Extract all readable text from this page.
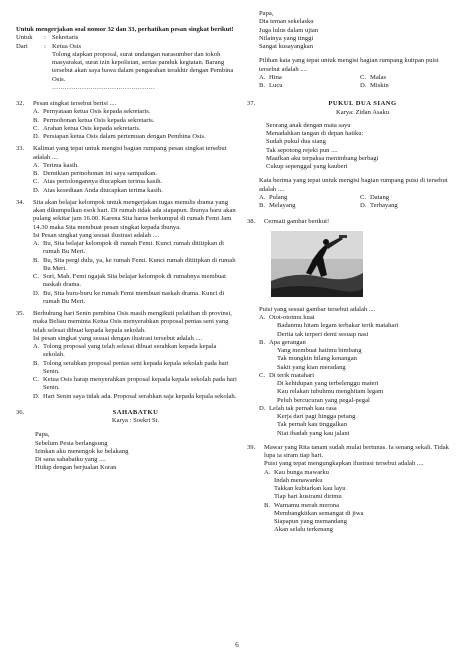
Untuk mengerjakan soal nomor 32 dan 33, perhatikan pesan singkat berikut!
Untuk	: Sekretaris
Dari	: Ketua Osis
Tolong siapkan proposal, surat undangan narasumber dan tokoh masyarakat, surat izin kepolisian, sertas panduk kegiatan. Barang tersebut akan saya bawa dalam pengarahan terakhir dengan Pembina Osis.
................................................
32.	Pesan singkat tersebut berisi ....
A. Pernyataan ketua Osis kepada sekretaris.
B. Permohonan ketua Osis kepada sekretaris.
C. Arahan ketua Osis kepada sekretaris.
D. Persiapan ketua Osis dalam pertemuan dengan Pembina Osis.
33.	Kalimat yang tepat untuk mengisi bagian rumpang pesan singkat tersebut adalah ....
A. Terima kasih.
B. Demikian permohonan ini saya sampaikan.
C. Atas pertolongannya diucapkan terima kasih.
D. Atas kesediaan Anda diucapkan terima kasih.
34.	Sita akan belajar kelompok untuk mengerjakan tugas menulis drama yang akan dikumpulkan esok hari. Di rumah tidak ada siapapun. Ibunya baru akan pulang sekitar jam 16.00. Karena Sita harus berkumpul di rumah Femi Jam 14.30 maka Sita membuat pesan singkat kepada ibunya.
Isi Pesan singkat yang sesuai ilustrasi adalah ....
A. Bu, Sita belajar kelompok di rumah Femi. Kunci rumah dititipkan di rumah Bu Meri.
B. Bu, Sita pergi dulu, ya, ke rumah Femi. Kunci rumah dititipkan di rumah Bu Meri.
C. Sori, Mah. Femi ngajak Sita belajar kelompok di rumahnya membuat naskah drama.
D. Bu, Sita buru-buru ke rumah Femi membuat naskah drama. Kunci di rumah Bu Meri.
35.	Berhubung hari Senin pembina Osis masih mengikuti pelatihan di provinsi, maka Beliau meminta Ketua Osis menyerahkan proposal pentas seni yang telah selesai dibuat kepada kepala sekolah.
Isi pesan singkat yang sesuai dengan ilustrasi tersebut adalah ....
A. Tolong proposal yang telah selesai dibuat serahkan kepada kepala sekolah.
B. Tolong serahkan proposal pentas seni kepada kepala sekolah pada hari Senin.
C. Ketua Osis harap menyerahkan proposal kepada kepala sekolah pada hari Senin.
D. Hari Senin saya tidak ada. Proposal serahkan saja kepada kepala sekolah.
36.	SAHABATKU
Karya : Soekri St.
Papa,
Sebelum Pesta berlangsung
Izinkan aku menengok ke belakang
Di sana sahabatku yang ....
Hidup dengan berjualan Koran
Papa,
Dia teman sekelasku
Juga lulus dalam ujian
Nilainya yang tinggi
Sangat kusayangkan
Pilihan kata yang tepat untuk mengisi bagian rumpang kutipan puisi tersebut adalah ....
A. Hina
B. Lucu
C. Malas
D. Miskin
37.	PUKUL DUA SIANG
Karya: Zidan Asaku
Seorang anak dengan mata sayu
Menadahkan tangan di depan hatiku:
Sudah pukul dua siang
Tak sepotong rejeki pun ....
Maafkan aku terpaksa menimbang berbagi
Cukup sepenggal yang kauberi
Kata berima yang tepat untuk mengisi bagian rumpang puisi di tersebut adalah ....
A. Pulang
B. Melayang
C. Datang
D. Terbayang
38.	Cermati gambar berikut!
Puisi yang sesuai gambar tersebut adalah ....
A. Otot-ototmu kuat
Badanmu hitam legam terbakar terik matahari
Derita tak terperi demi sesuap nasi
B. Apa gerangan
Yang membuat hatimu bimbang
Tak mungkin hilang kenangan
Sakit yang kian meradang
C. Di terik matahari
Di kehidupan yang terbelenggu materi
Kau relakan tubuhmu menghitam legam
Peluh bercucuran yang pegal-pegal
D. Lelah tak pernah kau rasa
Kerja dari pagi hingga petang
Tak pernah kau tinggalkan
Niat ibadah yang kau jalani
39.	Mawar yang Rita tanam sudah mulai bertunas. Ia senang sekali. Tidak lupa ia siram tiap hari.
Puisi yang tepat mengungkapkan ilustrasi tersebut adalah ....
A. Kau bunga mawarku
Indah menawanku
Takkan kubiarkan kau layu
Tiap hari kusirami dirimu
B. Warnamu merah merona
Membangkitkan semangat di jiwa
Siapapun yang memandang
Akan selalu terkenang
6
